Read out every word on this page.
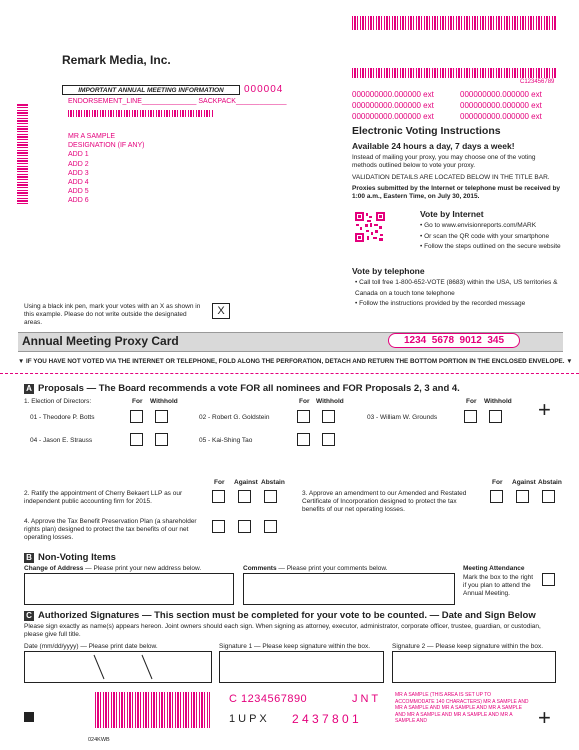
Remark Media, Inc.
C123456789
IMPORTANT ANNUAL MEETING INFORMATION	000004
ENDORSEMENT_LINE______________ SACKPACK_____________
MR A SAMPLE
DESIGNATION (IF ANY)
ADD 1
ADD 2
ADD 3
ADD 4
ADD 5
ADD 6
000000000.000000 ext	000000000.000000 ext
000000000.000000 ext	000000000.000000 ext
000000000.000000 ext	000000000.000000 ext
Electronic Voting Instructions
Available 24 hours a day, 7 days a week!
Instead of mailing your proxy, you may choose one of the voting methods outlined below to vote your proxy.
VALIDATION DETAILS ARE LOCATED BELOW IN THE TITLE BAR.
Proxies submitted by the Internet or telephone must be received by 1:00 a.m., Eastern Time, on July 30, 2015.
Vote by Internet
• Go to www.envisionreports.com/MARK
• Or scan the QR code with your smartphone
• Follow the steps outlined on the secure website
Vote by telephone
• Call toll free 1-800-652-VOTE (8683) within the USA, US territories & Canada on a touch tone telephone
• Follow the instructions provided by the recorded message
Using a black ink pen, mark your votes with an X as shown in this example. Please do not write outside the designated areas.
X
Annual Meeting Proxy Card	1234  5678  9012  345
▼ IF YOU HAVE NOT VOTED VIA THE INTERNET OR TELEPHONE, FOLD ALONG THE PERFORATION, DETACH AND RETURN THE BOTTOM PORTION IN THE ENCLOSED ENVELOPE. ▼
A Proposals — The Board recommends a vote FOR all nominees and FOR Proposals 2, 3 and 4.
1. Election of Directors:	For Withhold	For Withhold	For Withhold
01 - Theodore P. Botts	02 - Robert G. Goldstein	03 - William W. Grounds	+
04 - Jason E. Strauss	05 - Kai-Shing Tao
For Against Abstain	For Against Abstain
2. Ratify the appointment of Cherry Bekaert LLP as our independent public accounting firm for 2015.
3. Approve an amendment to our Amended and Restated Certificate of Incorporation designed to protect the tax benefits of our net operating losses.
4. Approve the Tax Benefit Preservation Plan (a shareholder rights plan) designed to protect the tax benefits of our net operating losses.
B Non-Voting Items
Change of Address — Please print your new address below.	Comments — Please print your comments below.	Meeting Attendance
Mark the box to the right if you plan to attend the Annual Meeting.
C Authorized Signatures — This section must be completed for your vote to be counted. — Date and Sign Below
Please sign exactly as name(s) appears hereon. Joint owners should each sign. When signing as attorney, executor, administrator, corporate officer, trustee, guardian, or custodian, please give full title.
Date (mm/dd/yyyy) — Please print date below.	Signature 1 — Please keep signature within the box.	Signature 2 — Please keep signature within the box.
024KWB
C 1234567890	J N T
1 U P X 2 4 3 7 8 0 1
MR A SAMPLE (THIS AREA IS SET UP TO ACCOMMODATE 140 CHARACTERS) MR A SAMPLE AND MR A SAMPLE AND MR A SAMPLE AND MR A SAMPLE AND MR A SAMPLE AND MR A SAMPLE AND MR A SAMPLE AND	+
